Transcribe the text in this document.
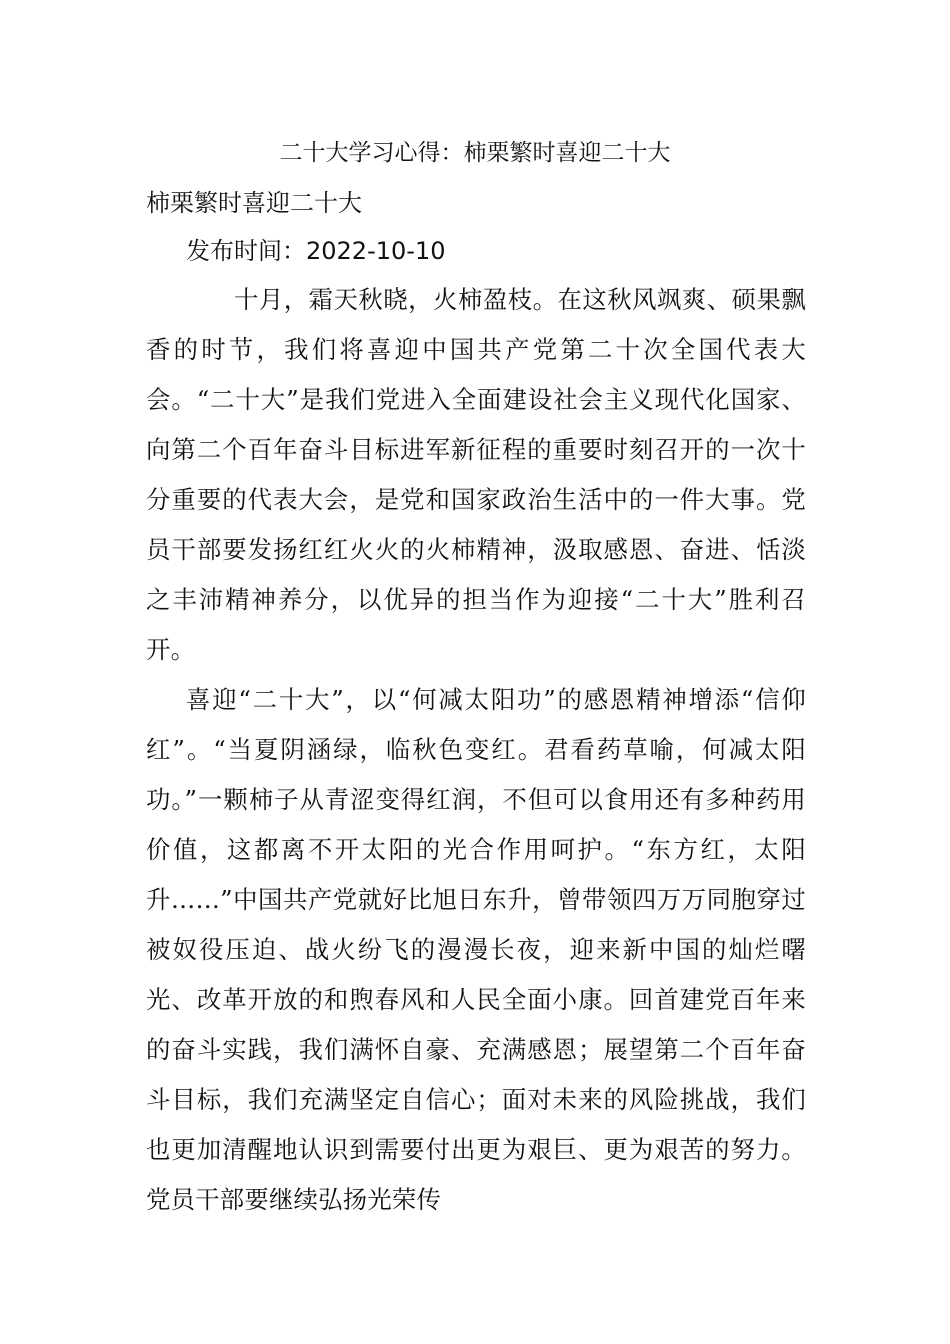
二十大学习心得：柿栗繁时喜迎二十大
柿栗繁时喜迎二十大
发布时间：2022-10-10

十月，霜天秋晓，火柿盈枝。在这秋风飒爽、硕果飘香的时节，我们将喜迎中国共产党第二十次全国代表大会。“二十大”是我们党进入全面建设社会主义现代化国家、向第二个百年奋斗目标进军新征程的重要时刻召开的一次十分重要的代表大会，是党和国家政治生活中的一件大事。党员干部要发扬红红火火的火柿精神，汲取感恩、奋进、恬淡之丰沛精神养分，以优异的担当作为迎接“二十大”胜利召开。

喜迎“二十大”，以“何减太阳功”的感恩精神增添“信仰红”。“当夏阴涵绿，临秋色变红。君看药草喻，何减太阳功。”一颗柿子从青涩变得红润，不但可以食用还有多种药用价值，这都离不开太阳的光合作用呵护。“东方红，太阳升……”中国共产党就好比旭日东升，曾带领四万万同胞穿过被奴役压迫、战火纷飞的漫漫长夜，迎来新中国的灿烂曙光、改革开放的和煦春风和人民全面小康。回首建党百年来的奋斗实践，我们满怀自豪、充满感恩；展望第二个百年奋斗目标，我们充满坚定自信心；面对未来的风险挑战，我们也更加清醒地认识到需要付出更为艰巨、更为艰苦的努力。党员干部要继续弘扬光荣传
